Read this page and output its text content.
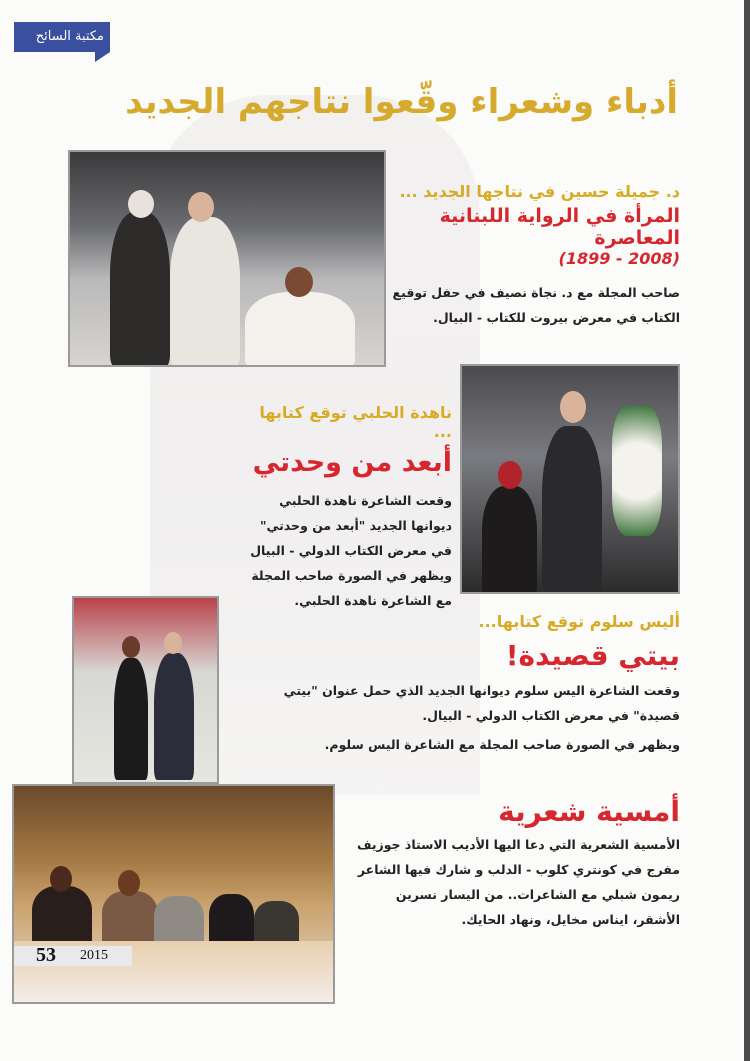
مكتبة السائح
أدباء وشعراء وقّعوا نتاجهم الجديد
د. جميلة حسين في نتاجها الجديد ...
المرأة في الرواية اللبنانية المعاصرة
(1899 - 2008)
صاحب المجلة مع د. نجاة نصيف في حفل توقيع الكتاب في معرض بيروت للكتاب - البيال.
ناهدة الحلبي توقع كتابها ...
أبعد من وحدتي
وقعت الشاعرة ناهدة الحلبي ديوانها الجديد "أبعد من وحدتي" في معرض الكتاب الدولي - البيال ويظهر في الصورة صاحب المجلة مع الشاعرة ناهدة الحلبي.
أليس سلوم توقع كتابها...
بيتي قصيدة!
وقعت الشاعرة اليس سلوم ديوانها الجديد الذي حمل عنوان "بيتي قصيدة" في معرض الكتاب الدولي - البيال.
ويظهر في الصورة صاحب المجلة مع الشاعرة اليس سلوم.
أمسية شعرية
الأمسية الشعرية التي دعا اليها الأديب الاستاذ جوزيف مفرج في كونتري كلوب - الدلب و شارك فيها الشاعر ريمون شبلي مع الشاعرات.. من اليسار نسرين الأشقر، ايناس مخايل، ونهاد الحايك.
53 2015
